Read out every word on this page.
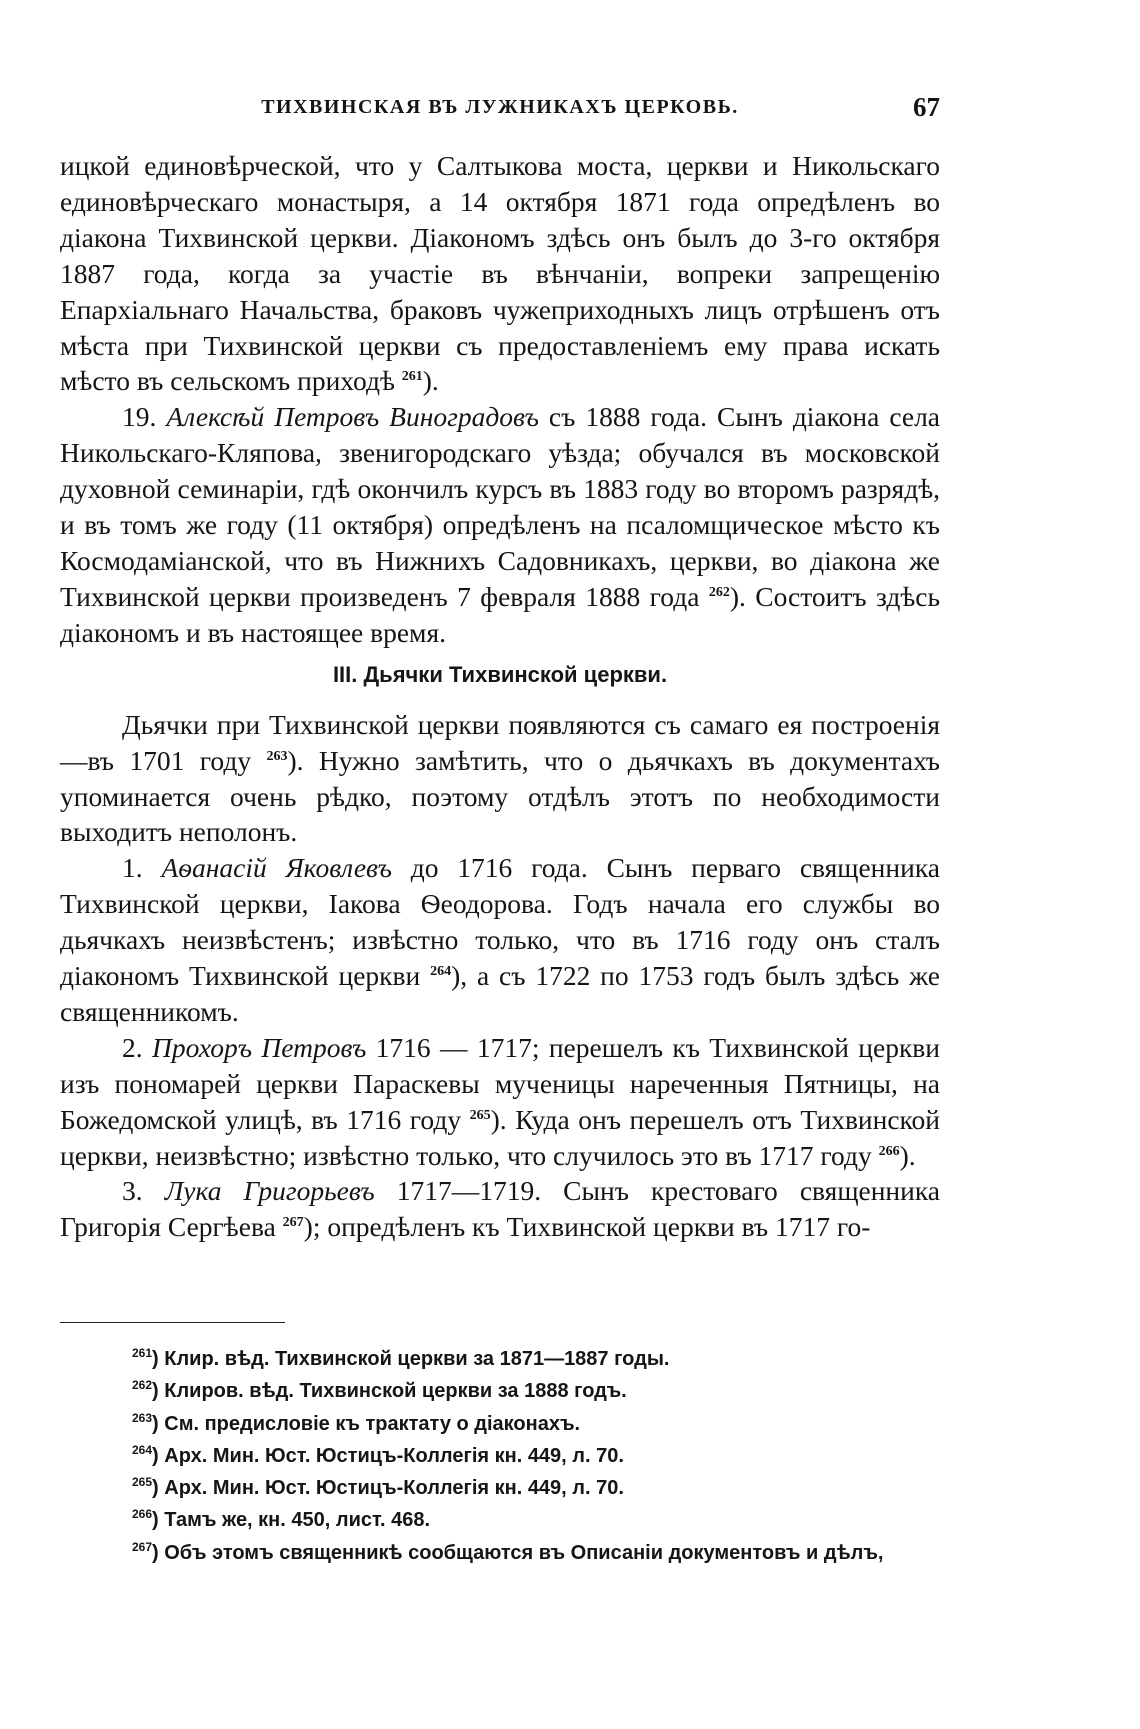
ТИХВИНСКАЯ ВЪ ЛУЖНИКАХЪ ЦЕРКОВЬ.	67

ицкой единовѣрческой, что у Салтыкова моста, церкви и Никольскаго единовѣрческаго монастыря, а 14 октября 1871 года опредѣленъ во діакона Тихвинской церкви. Діакономъ здѣсь онъ былъ до 3-го октября 1887 года, когда за участіе въ вѣнчаніи, вопреки запрещенію Епархіальнаго Начальства, браковъ чужеприходныхъ лицъ отрѣшенъ отъ мѣста при Тихвинской церкви съ предоставленіемъ ему права искать мѣсто въ сельскомъ приходѣ $^{261}$).

19. Алексѣй Петровъ Виноградовъ съ 1888 года. Сынъ діакона села Никольскаго-Кляпова, звенигородскаго уѣзда; обучался въ московской духовной семинаріи, гдѣ окончилъ курсъ въ 1883 году во второмъ разрядѣ, и въ томъ же году (11 октября) опредѣленъ на псаломщическое мѣсто къ Космодаміанской, что въ Нижнихъ Садовникахъ, церкви, во діакона же Тихвинской церкви произведенъ 7 февраля 1888 года $^{262}$). Состоитъ здѣсь діакономъ и въ настоящее время.

III. Дьячки Тихвинской церкви.

Дьячки при Тихвинской церкви появляются съ самаго ея построенія—въ 1701 году $^{263}$). Нужно замѣтить, что о дьячкахъ въ документахъ упоминается очень рѣдко, поэтому отдѣлъ этотъ по необходимости выходитъ неполонъ.

1. Аѳанасій Яковлевъ до 1716 года. Сынъ перваго священника Тихвинской церкви, Іакова Ѳеодорова. Годъ начала его службы во дьячкахъ неизвѣстенъ; извѣстно только, что въ 1716 году онъ сталъ діакономъ Тихвинской церкви $^{264}$), а съ 1722 по 1753 годъ былъ здѣсь же священникомъ.

2. Прохоръ Петровъ 1716 — 1717; перешелъ къ Тихвинской церкви изъ пономарей церкви Параскевы мученицы нареченныя Пятницы, на Божедомской улицѣ, въ 1716 году $^{265}$). Куда онъ перешелъ отъ Тихвинской церкви, неизвѣстно; извѣстно только, что случилось это въ 1717 году $^{266}$).

3. Лука Григорьевъ 1717—1719. Сынъ крестоваго священника Григорія Сергѣева $^{267}$); опредѣленъ къ Тихвинской церкви въ 1717 го-

$^{261}$) Клир. вѣд. Тихвинской церкви за 1871—1887 годы.
$^{262}$) Клиров. вѣд. Тихвинской церкви за 1888 годъ.
$^{263}$) См. предисловіе къ трактату о діаконахъ.
$^{264}$) Арх. Мин. Юст. Юстицъ-Коллегія кн. 449, л. 70.
$^{265}$) Арх. Мин. Юст. Юстицъ-Коллегія кн. 449, л. 70.
$^{266}$) Тамъ же, кн. 450, лист. 468.
$^{267}$) Объ этомъ священникѣ сообщаются въ Описаніи документовъ и дѣлъ,
